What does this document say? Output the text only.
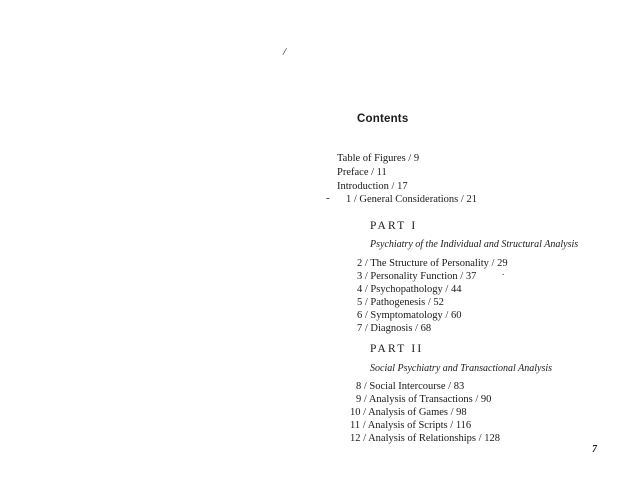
/
Contents
Table of Figures / 9
Preface / 11
Introduction / 17
- 1 / General Considerations / 21
PART I
Psychiatry of the Individual and Structural Analysis
2 / The Structure of Personality / 29
3 / Personality Function / 37	.
4 / Psychopathology / 44
5 / Pathogenesis / 52
6 / Symptomatology / 60
7 / Diagnosis / 68
PART II
Social Psychiatry and Transactional Analysis
8 / Social Intercourse / 83
9 / Analysis of Transactions / 90
10 / Analysis of Games / 98
11 / Analysis of Scripts / 116
12 / Analysis of Relationships / 128
7
